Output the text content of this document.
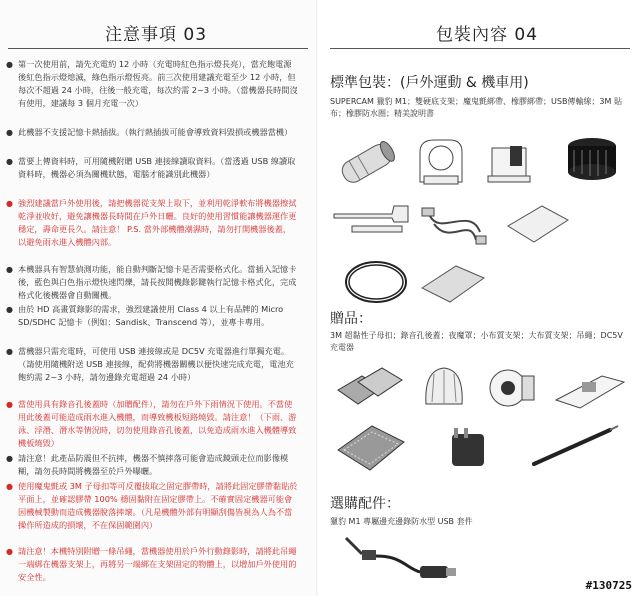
注意事項 03
● 第一次使用前，請先充電約 12 小時（充電時紅色指示燈長亮），當充飽電源後紅色指示燈熄滅，綠色指示燈恆亮。前三次使用建議充電至少 12 小時，但每次不超過 24 小時，往後一般充電，每次約需 2~3 小時。（當機器長時間沒有使用，建議每 3 個月充電一次）
● 此機器不支援記憶卡熱插拔。（執行熱插拔可能會導致資料毀損或機器當機）
● 當要上傳資料時，可用隨機附贈 USB 連接線讀取資料。（當透過 USB 線讀取資料時，機器必須為關機狀態，電腦才能識別此機器）
● 強烈建議當戶外使用後，請把機器從支架上取下，並利用乾淨軟布將機器擦拭乾淨並收好，避免讓機器長時間在戶外日曬。良好的使用習慣能讓機器運作更穩定，壽命更長久。請注意！ P.S. 當外部機體潮濕時，請勿打開機器後蓋，以避免雨水進入機體內部。
● 本機器具有智慧偵測功能，能自動判斷記憶卡是否需要格式化。當插入記憶卡後，藍色與白色指示燈快速閃爍，請長按開機錄影鍵執行記憶卡格式化，完成格式化後機器會自動關機。
● 由於 HD 高畫質錄影的需求，強烈建議使用 Class 4 以上有品牌的 Micro SD/SDHC 記憶卡（例如：Sandisk、Transcend 等），並專卡專用。
● 當機器只需充電時，可使用 USB 連接線或是 DC5V 充電器進行單獨充電。（請使用隨機附送 USB 連接線，配荷將機器關機以便快速完成充電，電池充飽約需 2~3 小時，請勿邊錄充電超過 24 小時）
● 當使用具有錄音孔後蓋時（加贈配件），請勿在戶外下雨情況下使用。不當使用此後蓋可能造成雨水進入機體，而導致機板短路燒毀。請注意！（下雨、游泳、浮潛、潛水等情況時，切勿使用錄音孔後蓋，以免造成雨水進入機體導致機板燒毀）
● 請注意！此產品防震但不抗摔，機器不慎摔落可能會造成鏡頭走位而影像模糊，請勿長時間將機器至於戶外曝曬。
● 使用魔鬼氈或 3M 子母扣等可反覆拔取之固定膠帶時，請將此固定膠帶黏貼於平面上，並確認膠帶 100% 穩固黏附在固定膠帶上。不確實固定機器可能會因機械製動而造成機器脫落摔壞。（凡是機體外部有明顯刮傷皆視為人為不當操作所造成的損壞，不在保固範圍內）
● 請注意！本機特別附贈一條吊繩，當機器使用於戶外行動錄影時，請將此吊繩一端綁在機器支架上，再將另一端綁在支架固定的物體上，以增加戶外使用的安全性。
包裝內容 04
標準包裝：(戶外運動 & 機車用)
SUPERCAM 獵豹 M1；雙硬底支架；魔鬼氈綁帶、橡膠綁帶；USB傳輸線；3M 貼布；橡膠防水圈；精美說明書
贈品：
3M 超黏性子母扣；錄音孔後蓋；夜魔罩；小布質支架；大布質支架；吊繩；DC5V充電器
選購配件：
獵豹 M1 專屬邊充邊錄防水型 USB 套件
#130725
